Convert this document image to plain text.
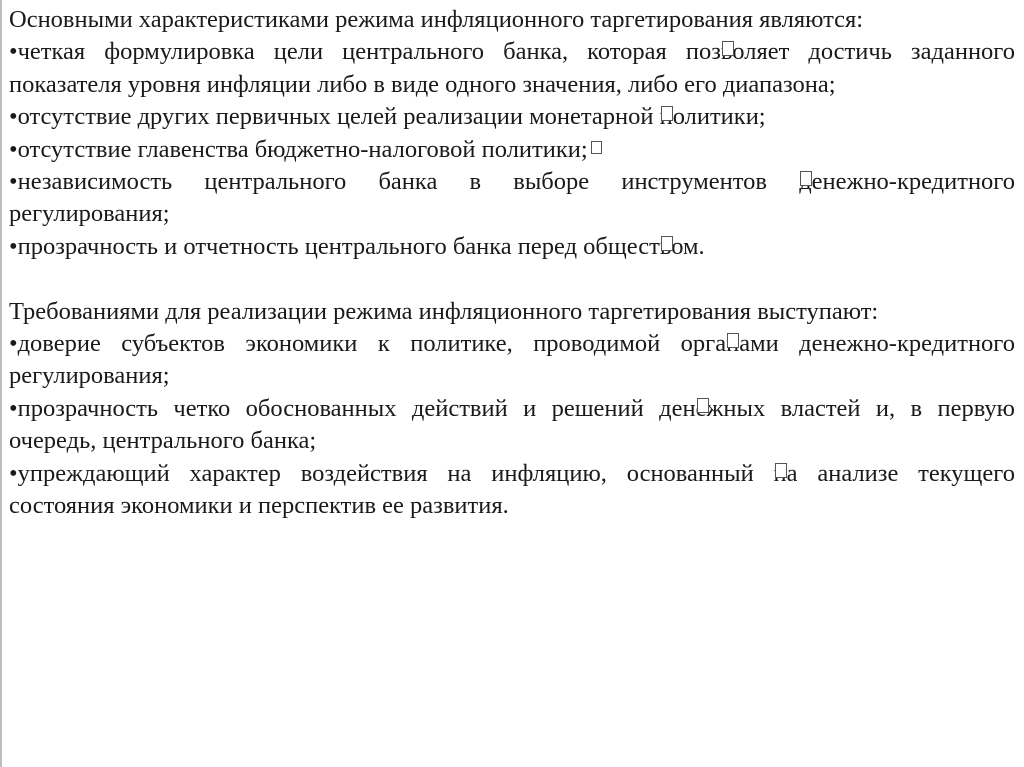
Основными характеристиками режима инфляционного таргетирования являются:

•четкая формулировка цели центрального банка, которая позволяет достичь заданного показателя уровня инфляции либо в виде одного значения, либо его диапазона;

•отсутствие других первичных целей реализации монетарной политики;

•отсутствие главенства бюджетно-налоговой политики;

•независимость центрального банка в выборе инструментов денежно-кредитного регулирования;

•прозрачность и отчетность центрального банка перед обществом.

Требованиями для реализации режима инфляционного таргетирования выступают:

•доверие субъектов экономики к политике, проводимой органами денежно-кредитного регулирования;

•прозрачность четко обоснованных действий и решений денежных властей и, в первую очередь, центрального банка;

•упреждающий характер воздействия на инфляцию, основанный на анализе текущего состояния экономики и перспектив ее развития.
